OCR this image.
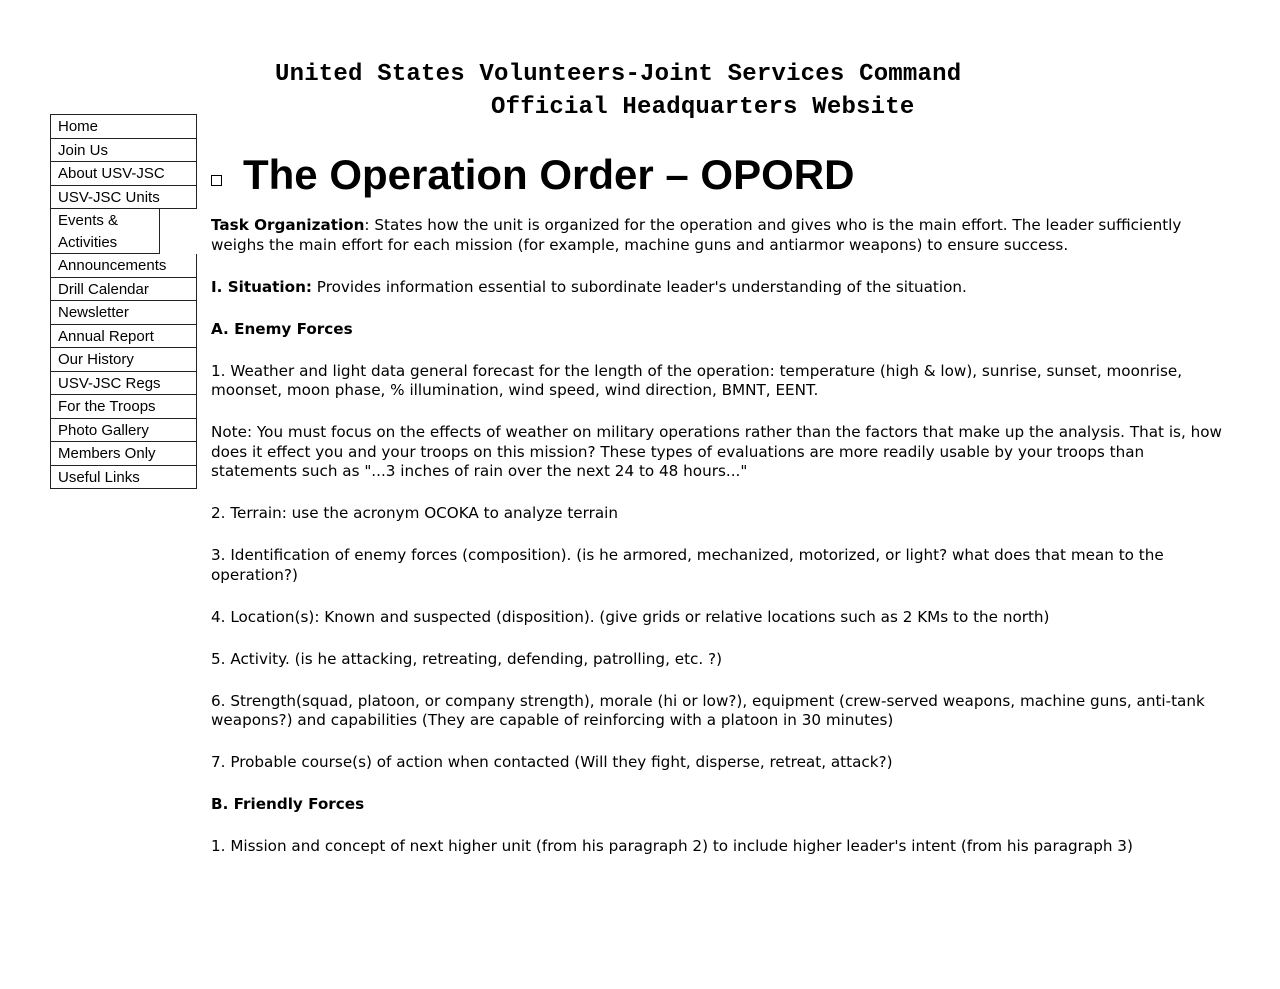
United States Volunteers-Joint Services Command
Official Headquarters Website
Home
Join Us
About USV-JSC
USV-JSC Units
Events & Activities
Announcements
Drill Calendar
Newsletter
Annual Report
Our History
USV-JSC Regs
For the Troops
Photo Gallery
Members Only
Useful Links
The Operation Order – OPORD

Task Organization: States how the unit is organized for the operation and gives who is the main effort. The leader sufficiently weighs the main effort for each mission (for example, machine guns and antiarmor weapons) to ensure success.

I. Situation: Provides information essential to subordinate leader's understanding of the situation.

A. Enemy Forces

1. Weather and light data general forecast for the length of the operation: temperature (high & low), sunrise, sunset, moonrise, moonset, moon phase, % illumination, wind speed, wind direction, BMNT, EENT.

Note: You must focus on the effects of weather on military operations rather than the factors that make up the analysis. That is, how does it effect you and your troops on this mission? These types of evaluations are more readily usable by your troops than statements such as "...3 inches of rain over the next 24 to 48 hours..."

2. Terrain: use the acronym OCOKA to analyze terrain

3. Identification of enemy forces (composition). (is he armored, mechanized, motorized, or light? what does that mean to the operation?)

4. Location(s): Known and suspected (disposition). (give grids or relative locations such as 2 KMs to the north)

5. Activity. (is he attacking, retreating, defending, patrolling, etc. ?)

6. Strength(squad, platoon, or company strength), morale (hi or low?), equipment (crew-served weapons, machine guns, anti-tank weapons?) and capabilities (They are capable of reinforcing with a platoon in 30 minutes)

7. Probable course(s) of action when contacted (Will they fight, disperse, retreat, attack?)

B. Friendly Forces

1. Mission and concept of next higher unit (from his paragraph 2) to include higher leader's intent (from his paragraph 3)
